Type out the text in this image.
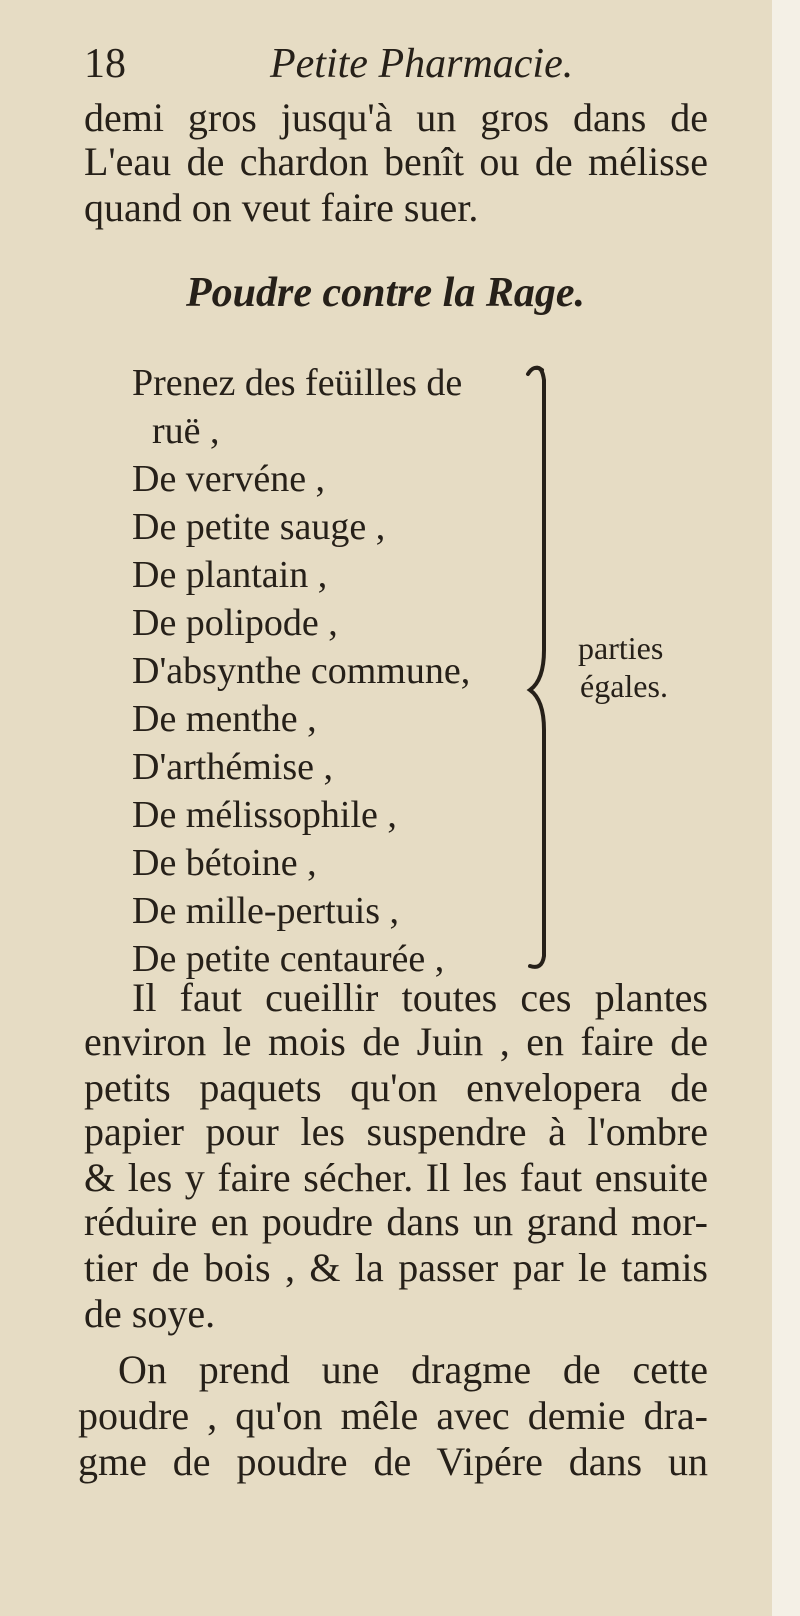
18	Petite Pharmacie.
demi gros jusqu'à un gros dans de
L'eau de chardon benît ou de mélisse
quand on veut faire suer.
Poudre contre la Rage.
Prenez des feüilles de
ruë ,
De vervéne ,
De petite sauge ,
De plantain ,
De polipode ,
D'absynthe commune,
De menthe ,
D'arthémise ,
De mélissophile ,
De bétoine ,
De mille-pertuis ,
De petite centaurée ,
parties
égales.
Il faut cueillir toutes ces plantes
environ le mois de Juin , en faire de
petits paquets qu'on envelopera de
papier pour les suspendre à l'ombre
& les y faire sécher. Il les faut ensuite
réduire en poudre dans un grand mor-
tier de bois , & la passer par le tamis
de soye.
On prend une dragme de cette
poudre , qu'on mêle avec demie dra-
gme de poudre de Vipére dans un
